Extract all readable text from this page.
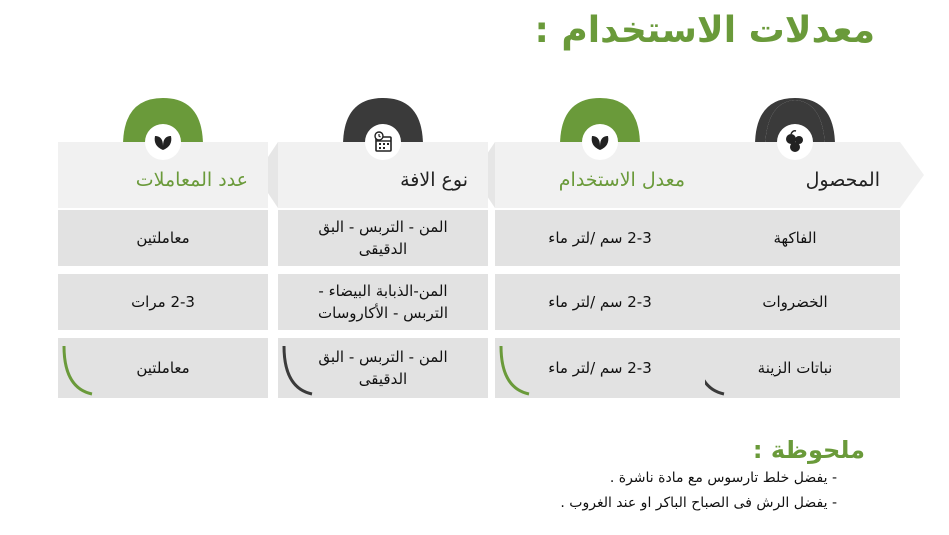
معدلات الاستخدام :
المحصول
الفاكهة
الخضروات
نباتات الزينة
معدل الاستخدام
2-3 سم /لتر ماء
2-3 سم /لتر ماء
2-3 سم /لتر ماء
نوع الافة
المن - التربس - البق الدقيقى
المن-الذبابة البيضاء - التربس - الأكاروسات
المن - التربس - البق الدقيقى
عدد المعاملات
معاملتين
2-3 مرات
معاملتين
ملحوظة :
- يفضل خلط تارسوس مع مادة ناشرة .
- يفضل الرش فى الصباح الباكر او عند الغروب .
